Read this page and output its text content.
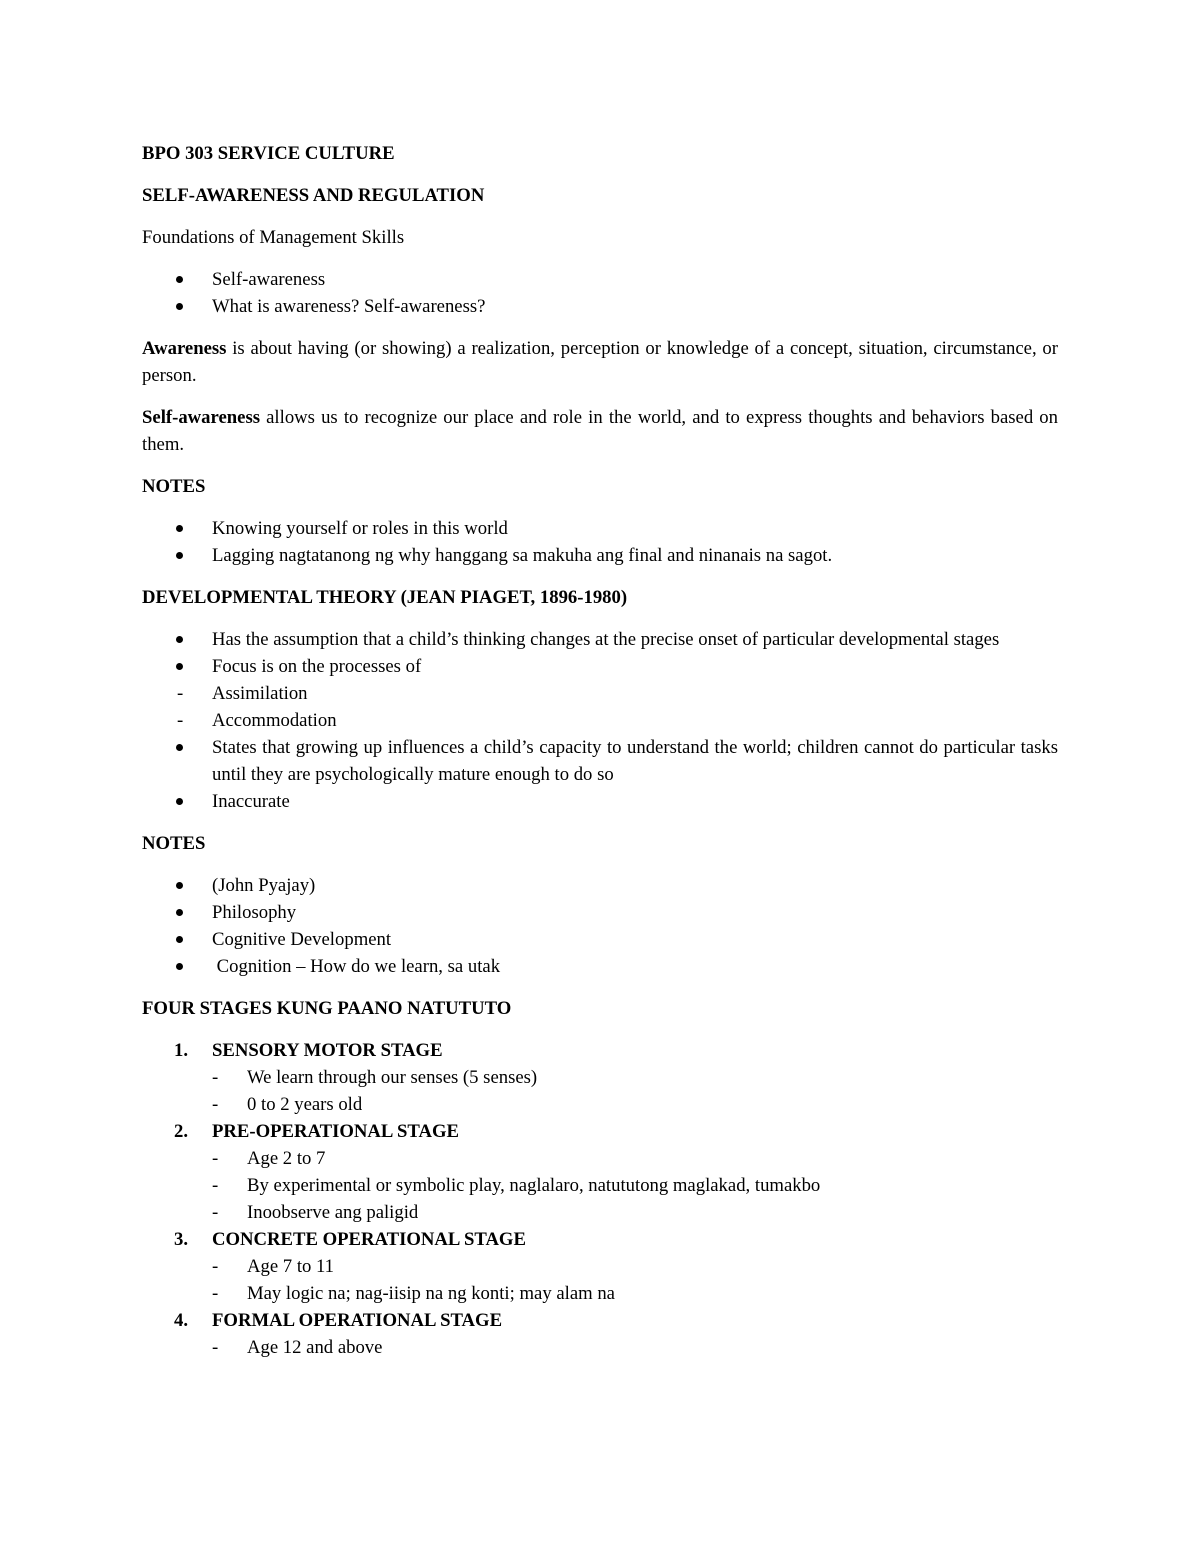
BPO 303 SERVICE CULTURE

SELF-AWARENESS AND REGULATION

Foundations of Management Skills

Self-awareness
What is awareness? Self-awareness?

Awareness is about having (or showing) a realization, perception or knowledge of a concept, situation, circumstance, or person.

Self-awareness allows us to recognize our place and role in the world, and to express thoughts and behaviors based on them.

NOTES

Knowing yourself or roles in this world
Lagging nagtatanong ng why hanggang sa makuha ang final and ninanais na sagot.

DEVELOPMENTAL THEORY (JEAN PIAGET, 1896-1980)

Has the assumption that a child’s thinking changes at the precise onset of particular developmental stages
Focus is on the processes of
- Assimilation
- Accommodation
States that growing up influences a child’s capacity to understand the world; children cannot do particular tasks until they are psychologically mature enough to do so
Inaccurate

NOTES

(John Pyajay)
Philosophy
Cognitive Development
Cognition – How do we learn, sa utak

FOUR STAGES KUNG PAANO NATUTUTO

1. SENSORY MOTOR STAGE
- We learn through our senses (5 senses)
- 0 to 2 years old
2. PRE-OPERATIONAL STAGE
- Age 2 to 7
- By experimental or symbolic play, naglalaro, natututong maglakad, tumakbo
- Inoobserve ang paligid
3. CONCRETE OPERATIONAL STAGE
- Age 7 to 11
- May logic na; nag-iisip na ng konti; may alam na
4. FORMAL OPERATIONAL STAGE
- Age 12 and above
